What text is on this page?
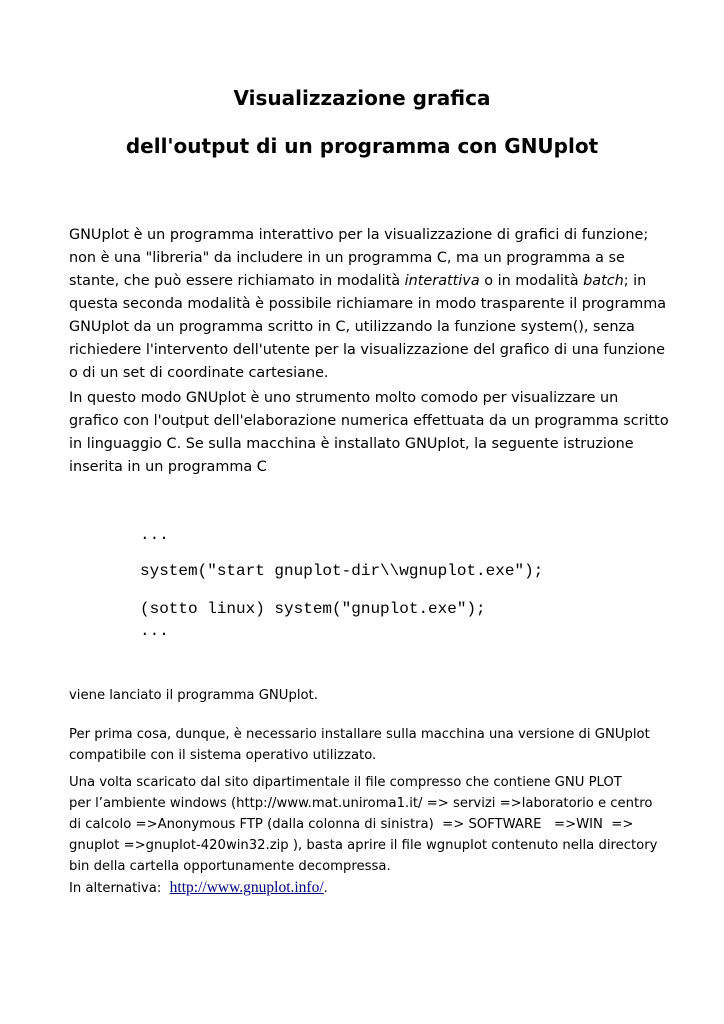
Visualizzazione grafica
dell'output di un programma con GNUplot

GNUplot è un programma interattivo per la visualizzazione di grafici di funzione; non è una "libreria" da includere in un programma C, ma un programma a se stante, che può essere richiamato in modalità interattiva o in modalità batch; in questa seconda modalità è possibile richiamare in modo trasparente il programma GNUplot da un programma scritto in C, utilizzando la funzione system(), senza richiedere l'intervento dell'utente per la visualizzazione del grafico di una funzione o di un set di coordinate cartesiane.

In questo modo GNUplot è uno strumento molto comodo per visualizzare un grafico con l'output dell'elaborazione numerica effettuata da un programma scritto in linguaggio C. Se sulla macchina è installato GNUplot, la seguente istruzione inserita in un programma C

...
system("start gnuplot-dir\\wgnuplot.exe");
(sotto linux) system("gnuplot.exe");
...

viene lanciato il programma GNUplot.

Per prima cosa, dunque, è necessario installare sulla macchina una versione di GNUplot compatibile con il sistema operativo utilizzato.

Una volta scaricato dal sito dipartimentale il file compresso che contiene GNU PLOT
per l’ambiente windows (http://www.mat.uniroma1.it/ => servizi =>laboratorio e centro
di calcolo =>Anonymous FTP (dalla colonna di sinistra)  => SOFTWARE   =>WIN  =>
gnuplot =>gnuplot-420win32.zip ), basta aprire il file wgnuplot contenuto nella directory
bin della cartella opportunamente decompressa.
In alternativa:  http://www.gnuplot.info/.
